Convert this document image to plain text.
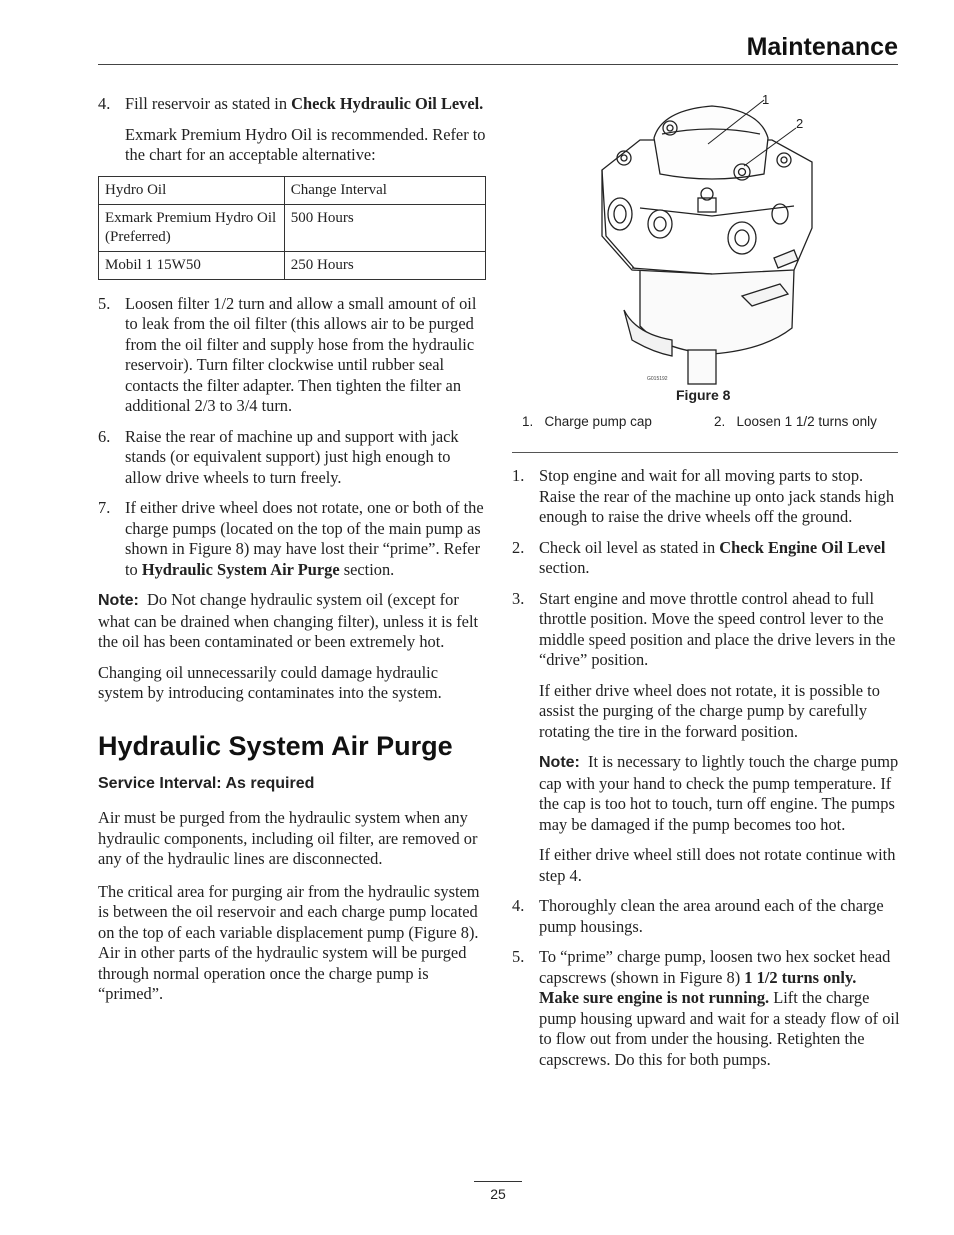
Maintenance
4. Fill reservoir as stated in Check Hydraulic Oil Level.

Exmark Premium Hydro Oil is recommended. Refer to the chart for an acceptable alternative:

Hydro Oil	Change Interval
Exmark Premium Hydro Oil (Preferred)	500 Hours
Mobil 1 15W50	250 Hours
5. Loosen filter 1/2 turn and allow a small amount of oil to leak from the oil filter (this allows air to be purged from the oil filter and supply hose from the hydraulic reservoir). Turn filter clockwise until rubber seal contacts the filter adapter. Then tighten the filter an additional 2/3 to 3/4 turn.
6. Raise the rear of machine up and support with jack stands (or equivalent support) just high enough to allow drive wheels to turn freely.
7. If either drive wheel does not rotate, one or both of the charge pumps (located on the top of the main pump as shown in Figure 8) may have lost their “prime”. Refer to Hydraulic System Air Purge section.

Note: Do Not change hydraulic system oil (except for what can be drained when changing filter), unless it is felt the oil has been contaminated or been extremely hot.

Changing oil unnecessarily could damage hydraulic system by introducing contaminates into the system.

Hydraulic System Air Purge
Service Interval: As required

Air must be purged from the hydraulic system when any hydraulic components, including oil filter, are removed or any of the hydraulic lines are disconnected.

The critical area for purging air from the hydraulic system is between the oil reservoir and each charge pump located on the top of each variable displacement pump (Figure 8). Air in other parts of the hydraulic system will be purged through normal operation once the charge pump is “primed”.

G015192
1
2
Figure 8
1. Charge pump cap	2. Loosen 1 1/2 turns only
1. Stop engine and wait for all moving parts to stop. Raise the rear of the machine up onto jack stands high enough to raise the drive wheels off the ground.
2. Check oil level as stated in Check Engine Oil Level section.
3. Start engine and move throttle control ahead to full throttle position. Move the speed control lever to the middle speed position and place the drive levers in the “drive” position.

If either drive wheel does not rotate, it is possible to assist the purging of the charge pump by carefully rotating the tire in the forward position.

Note: It is necessary to lightly touch the charge pump cap with your hand to check the pump temperature. If the cap is too hot to touch, turn off engine. The pumps may be damaged if the pump becomes too hot.

If either drive wheel still does not rotate continue with step 4.

4. Thoroughly clean the area around each of the charge pump housings.
5. To “prime” charge pump, loosen two hex socket head capscrews (shown in Figure 8) 1 1/2 turns only. Make sure engine is not running. Lift the charge pump housing upward and wait for a steady flow of oil to flow out from under the housing. Retighten the capscrews. Do this for both pumps.
25
